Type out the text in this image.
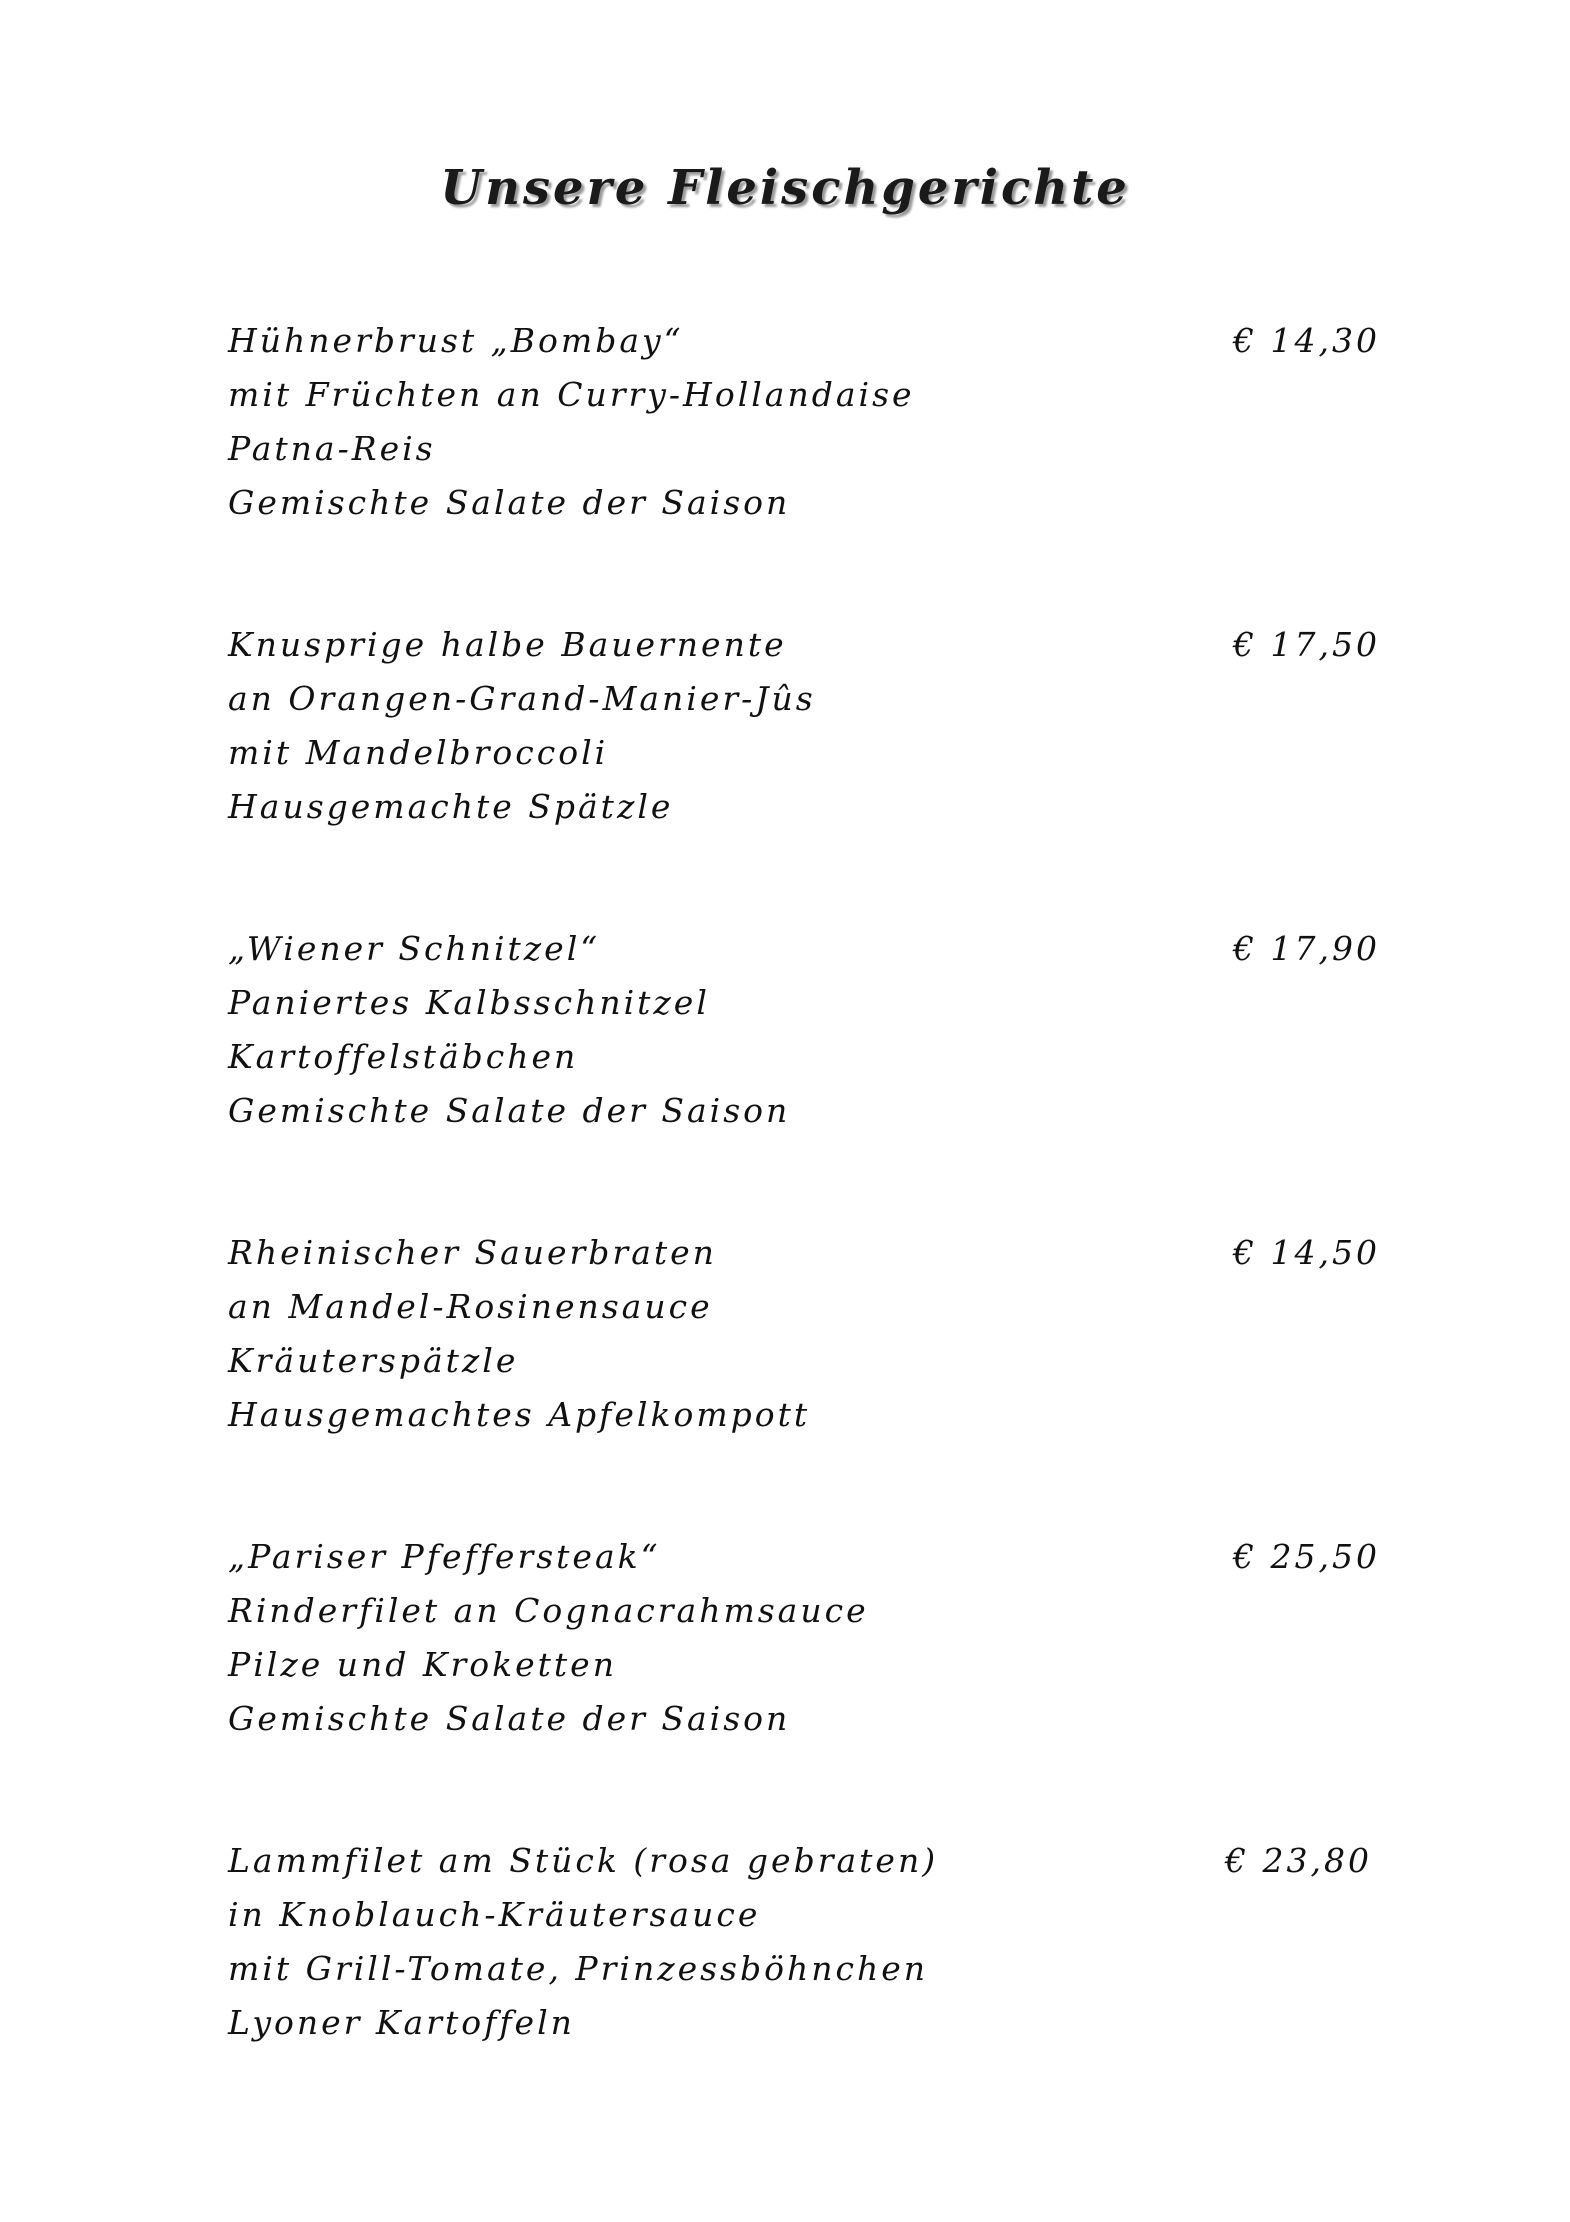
Unsere Fleischgerichte
Hühnerbrust „Bombay“
mit Früchten an Curry-Hollandaise
Patna-Reis
Gemischte Salate der Saison
€ 14,30
Knusprige halbe Bauernente
an Orangen-Grand-Manier-Jûs
mit Mandelbroccoli
Hausgemachte Spätzle
€ 17,50
„Wiener Schnitzel“
Paniertes Kalbsschnitzel
Kartoffelstäbchen
Gemischte Salate der Saison
€ 17,90
Rheinischer Sauerbraten
an Mandel-Rosinensauce
Kräuterspätzle
Hausgemachtes Apfelkompott
€ 14,50
„Pariser Pfeffersteak“
Rinderfilet an Cognacrahmsauce
Pilze und Kroketten
Gemischte Salate der Saison
€ 25,50
Lammfilet am Stück (rosa gebraten)
in Knoblauch-Kräutersauce
mit Grill-Tomate, Prinzessböhnchen
Lyoner Kartoffeln
€ 23,80
